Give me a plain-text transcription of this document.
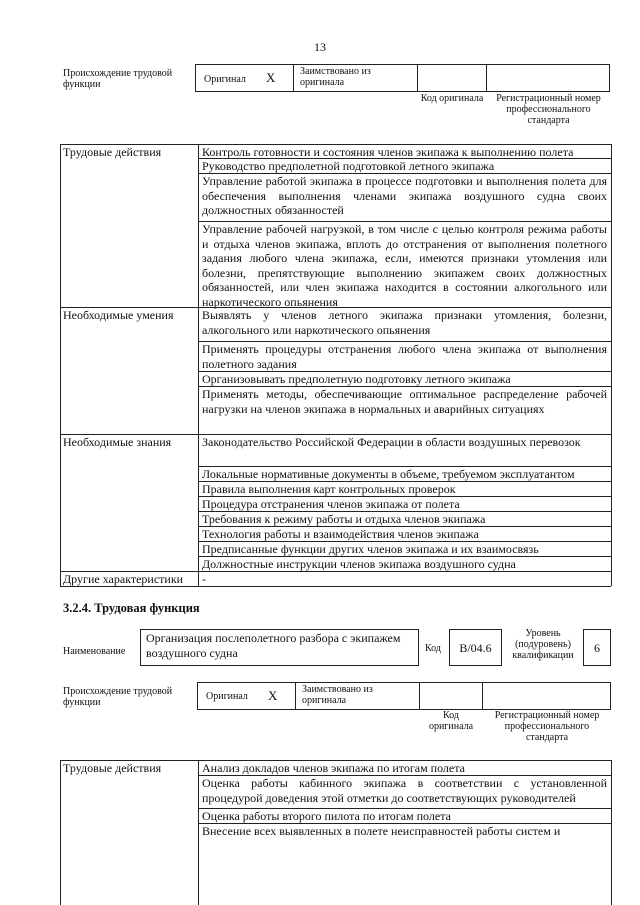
13
Происхождение трудовой функции	Оригинал X Заимствовано из оригинала
Код оригинала	Регистрационный номер профессионального стандарта
Трудовые действия	Контроль готовности и состояния членов экипажа к выполнению полета
Руководство предполетной подготовкой летного экипажа
Управление работой экипажа в процессе подготовки и выполнения полета для обеспечения выполнения членами экипажа воздушного судна своих должностных обязанностей
Управление рабочей нагрузкой, в том числе с целью контроля режима работы и отдыха членов экипажа, вплоть до отстранения от выполнения полетного задания любого члена экипажа, если, имеются признаки утомления или болезни, препятствующие выполнению экипажем своих должностных обязанностей, или член экипажа находится в состоянии алкогольного или наркотического опьянения
Необходимые умения	Выявлять у членов летного экипажа признаки утомления, болезни, алкогольного или наркотического опьянения
Применять процедуры отстранения любого члена экипажа от выполнения полетного задания
Организовывать предполетную подготовку летного экипажа
Применять методы, обеспечивающие оптимальное распределение рабочей нагрузки на членов экипажа в нормальных и аварийных ситуациях
Необходимые знания	Законодательство Российской Федерации в области воздушных перевозок
Локальные нормативные документы в объеме, требуемом эксплуатантом
Правила выполнения карт контрольных проверок
Процедура отстранения членов экипажа от полета
Требования к режиму работы и отдыха членов экипажа
Технология работы и взаимодействия членов экипажа
Предписанные функции других членов экипажа и их взаимосвязь
Должностные инструкции членов экипажа воздушного судна
Другие характеристики	-
3.2.4. Трудовая функция
Наименование
Организация послеполетного разбора с экипажем воздушного судна	Код	B/04.6
Уровень (подуровень) квалификации
6
Происхождение трудовой функции
Оригинал X Заимствовано из оригинала
Код оригинала
Регистрационный номер профессионального стандарта
Трудовые действия	Анализ докладов членов экипажа по итогам полета
Оценка работы кабинного экипажа в соответствии с установленной процедурой доведения этой отметки до соответствующих руководителей
Оценка работы второго пилота по итогам полета
Внесение всех выявленных в полете неисправностей работы систем и
